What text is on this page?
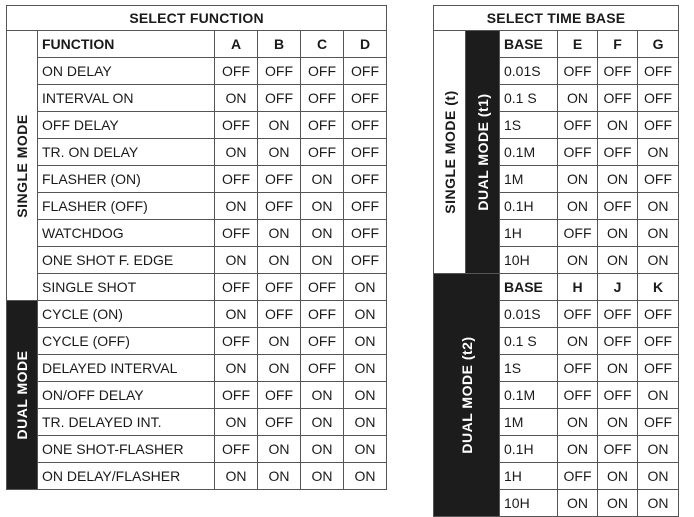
SELECT FUNCTION					

SINGLE MODE	FUNCTION	A	B	C	D
	ON DELAY	OFF	OFF	OFF	OFF
	INTERVAL ON	ON	OFF	OFF	OFF
	OFF DELAY	OFF	ON	OFF	OFF
	TR. ON DELAY	ON	ON	OFF	OFF
	FLASHER (ON)	OFF	OFF	ON	OFF
	FLASHER (OFF)	ON	OFF	ON	OFF
	WATCHDOG	OFF	ON	ON	OFF
	ONE SHOT F. EDGE	ON	ON	ON	OFF
	SINGLE SHOT	OFF	OFF	OFF	ON

DUAL MODE	CYCLE (ON)	ON	OFF	OFF	ON
	CYCLE (OFF)	OFF	ON	OFF	ON
	DELAYED INTERVAL	ON	ON	OFF	ON
	ON/OFF DELAY	OFF	OFF	ON	ON
	TR. DELAYED INT.	ON	OFF	ON	ON
	ONE SHOT-FLASHER	OFF	ON	ON	ON
	ON DELAY/FLASHER	ON	ON	ON	ON
SELECT TIME BASE					

SINGLE MODE (t)	DUAL MODE (t1)	BASE	E	F	G
		0.01S	OFF	OFF	OFF
		0.1 S	ON	OFF	OFF
		1S	OFF	ON	OFF
		0.1M	OFF	OFF	ON
		1M	ON	ON	OFF
		0.1H	ON	OFF	ON
		1H	OFF	ON	ON
		10H	ON	ON	ON

DUAL MODE (t2)		BASE	H	J	K
		0.01S	OFF	OFF	OFF
		0.1 S	ON	OFF	OFF
		1S	OFF	ON	OFF
		0.1M	OFF	OFF	ON
		1M	ON	ON	OFF
		0.1H	ON	OFF	ON
		1H	OFF	ON	ON
		10H	ON	ON	ON
